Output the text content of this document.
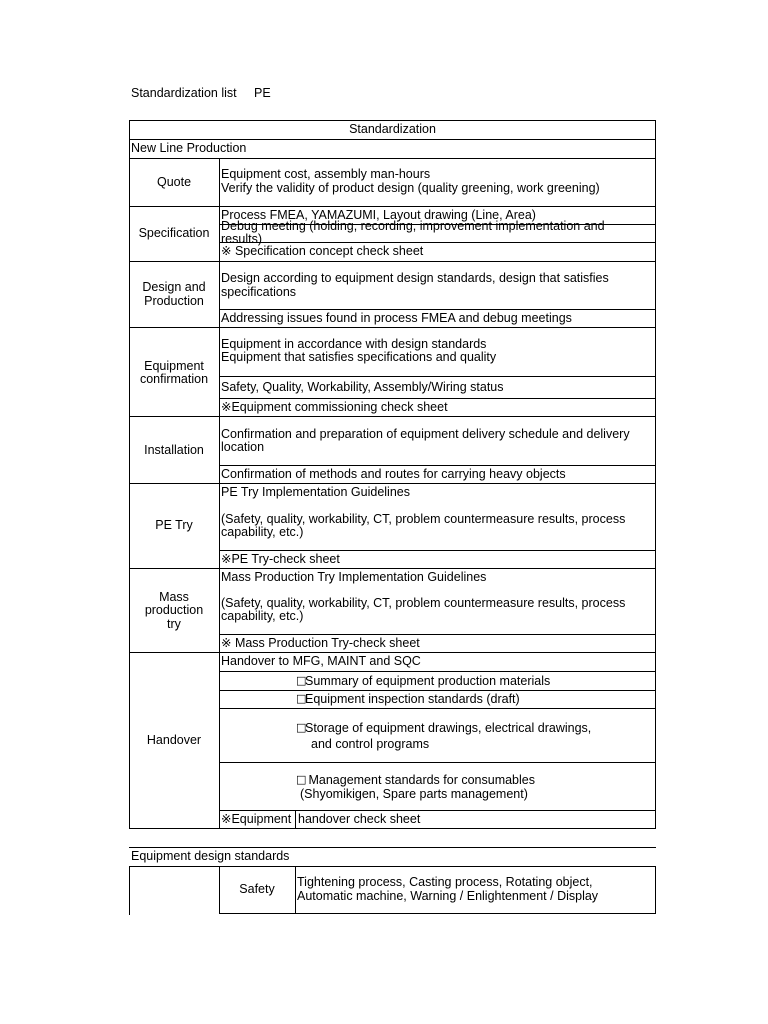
Standardization list     PE
Standardization
New Line Production
Quote
Equipment cost, assembly man-hours
Verify the validity of product design (quality greening, work greening)
Specification
Process FMEA, YAMAZUMI, Layout drawing (Line, Area)
Debug meeting (holding, recording, improvement implementation and
results)
※ Specification concept check sheet
Design and
Production
Design according to equipment design standards, design that satisfies
specifications
Addressing issues found in process FMEA and debug meetings
Equipment
confirmation
Equipment in accordance with design standards
Equipment that satisfies specifications and quality
Safety, Quality, Workability, Assembly/Wiring status
※Equipment commissioning check sheet
Installation
Confirmation and preparation of equipment delivery schedule and delivery
location
Confirmation of methods and routes for carrying heavy objects
PE Try
PE Try Implementation Guidelines
(Safety, quality, workability, CT, problem countermeasure results, process
capability, etc.)
※PE Try-check sheet
Mass
production
try
Mass Production Try Implementation Guidelines
(Safety, quality, workability, CT, problem countermeasure results, process
capability, etc.)
※ Mass Production Try-check sheet
Handover
Handover to MFG, MAINT and SQC
□
Summary of equipment production materials
□
Equipment inspection standards (draft)
□
Storage of equipment drawings, electrical drawings,
and control programs
□
Management standards for consumables
(Shyomikigen, Spare parts management)
※Equipment handover check sheet
Equipment design standards
Safety	Tightening process, Casting process, Rotating object,
Automatic machine, Warning / Enlightenment / Display
